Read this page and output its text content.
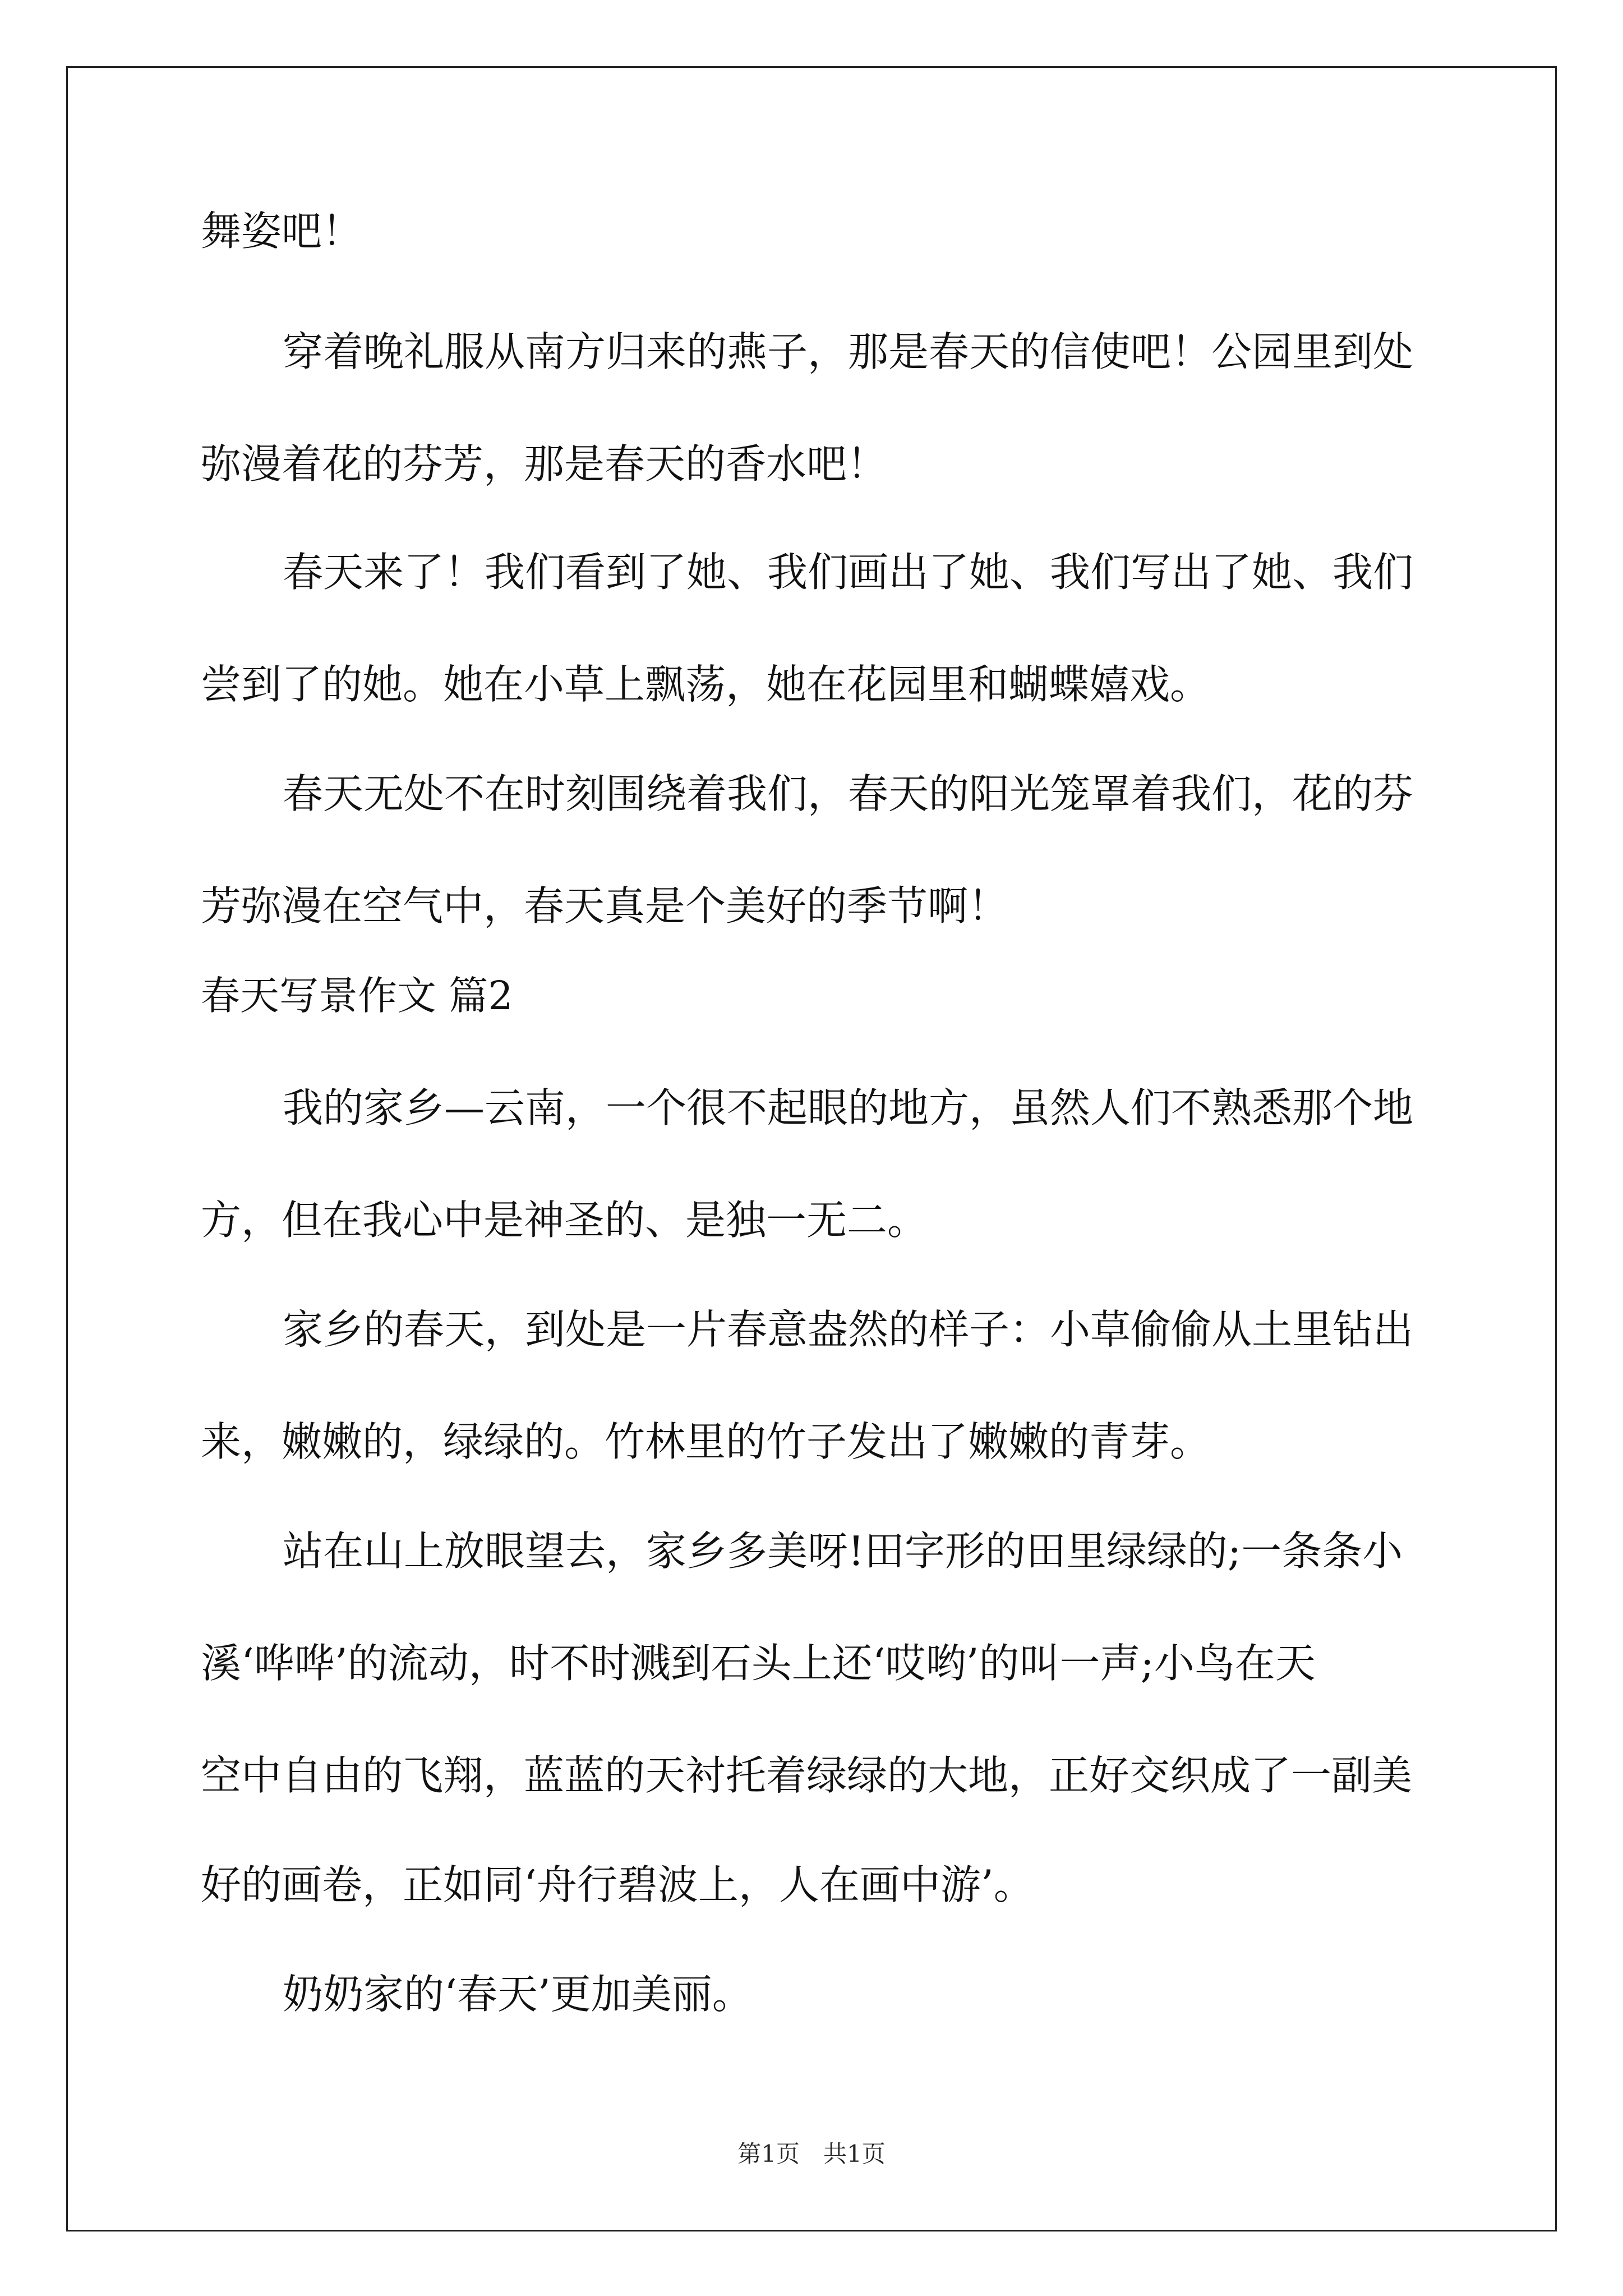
舞姿吧！
穿着晚礼服从南方归来的燕子，那是春天的信使吧！公园里到处
弥漫着花的芬芳，那是春天的香水吧！
春天来了！我们看到了她、我们画出了她、我们写出了她、我们
尝到了的她。她在小草上飘荡，她在花园里和蝴蝶嬉戏。
春天无处不在时刻围绕着我们，春天的阳光笼罩着我们，花的芬
芳弥漫在空气中，春天真是个美好的季节啊！
春天写景作文 篇2
我的家乡—云南，一个很不起眼的地方，虽然人们不熟悉那个地
方，但在我心中是神圣的、是独一无二。
家乡的春天，到处是一片春意盎然的样子：小草偷偷从土里钻出
来，嫩嫩的，绿绿的。竹林里的竹子发出了嫩嫩的青芽。
站在山上放眼望去，家乡多美呀!田字形的田里绿绿的;一条条小
溪‘哗哗’的流动，时不时溅到石头上还‘哎哟’的叫一声;小鸟在天
空中自由的飞翔，蓝蓝的天衬托着绿绿的大地，正好交织成了一副美
好的画卷，正如同‘舟行碧波上，人在画中游’。
奶奶家的‘春天’更加美丽。
第1页　共1页
